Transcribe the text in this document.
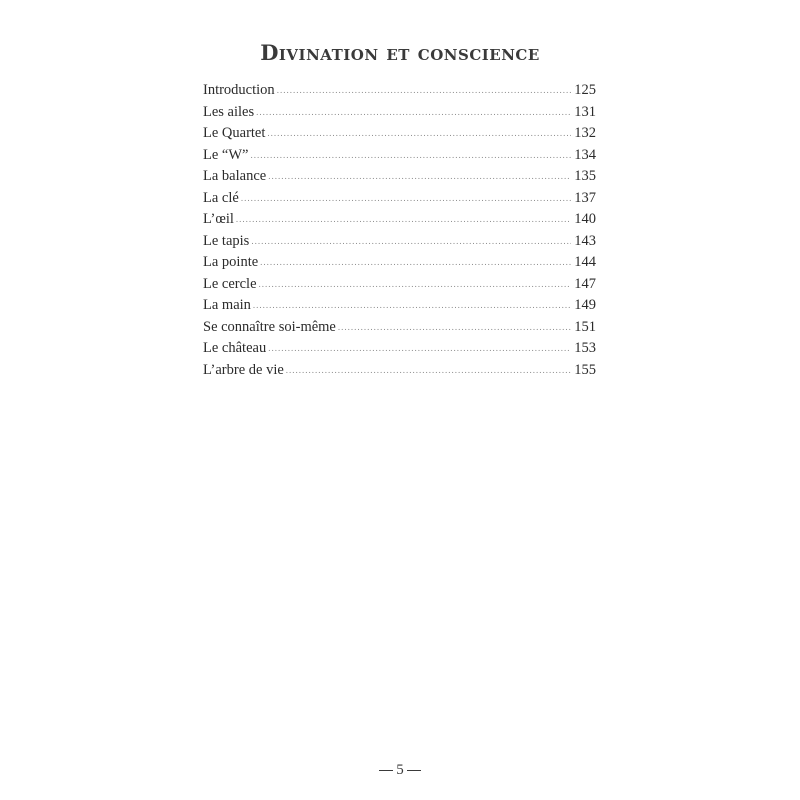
Divination et conscience
Introduction .....	125
Les ailes .....	131
Le Quartet .....	132
Le “W” .....	134
La balance .....	135
La clé .....	137
L’œil .....	140
Le tapis .....	143
La pointe .....	144
Le cercle .....	147
La main .....	149
Se connaître soi-même .....	151
Le château .....	153
L’arbre de vie .....	155
5
